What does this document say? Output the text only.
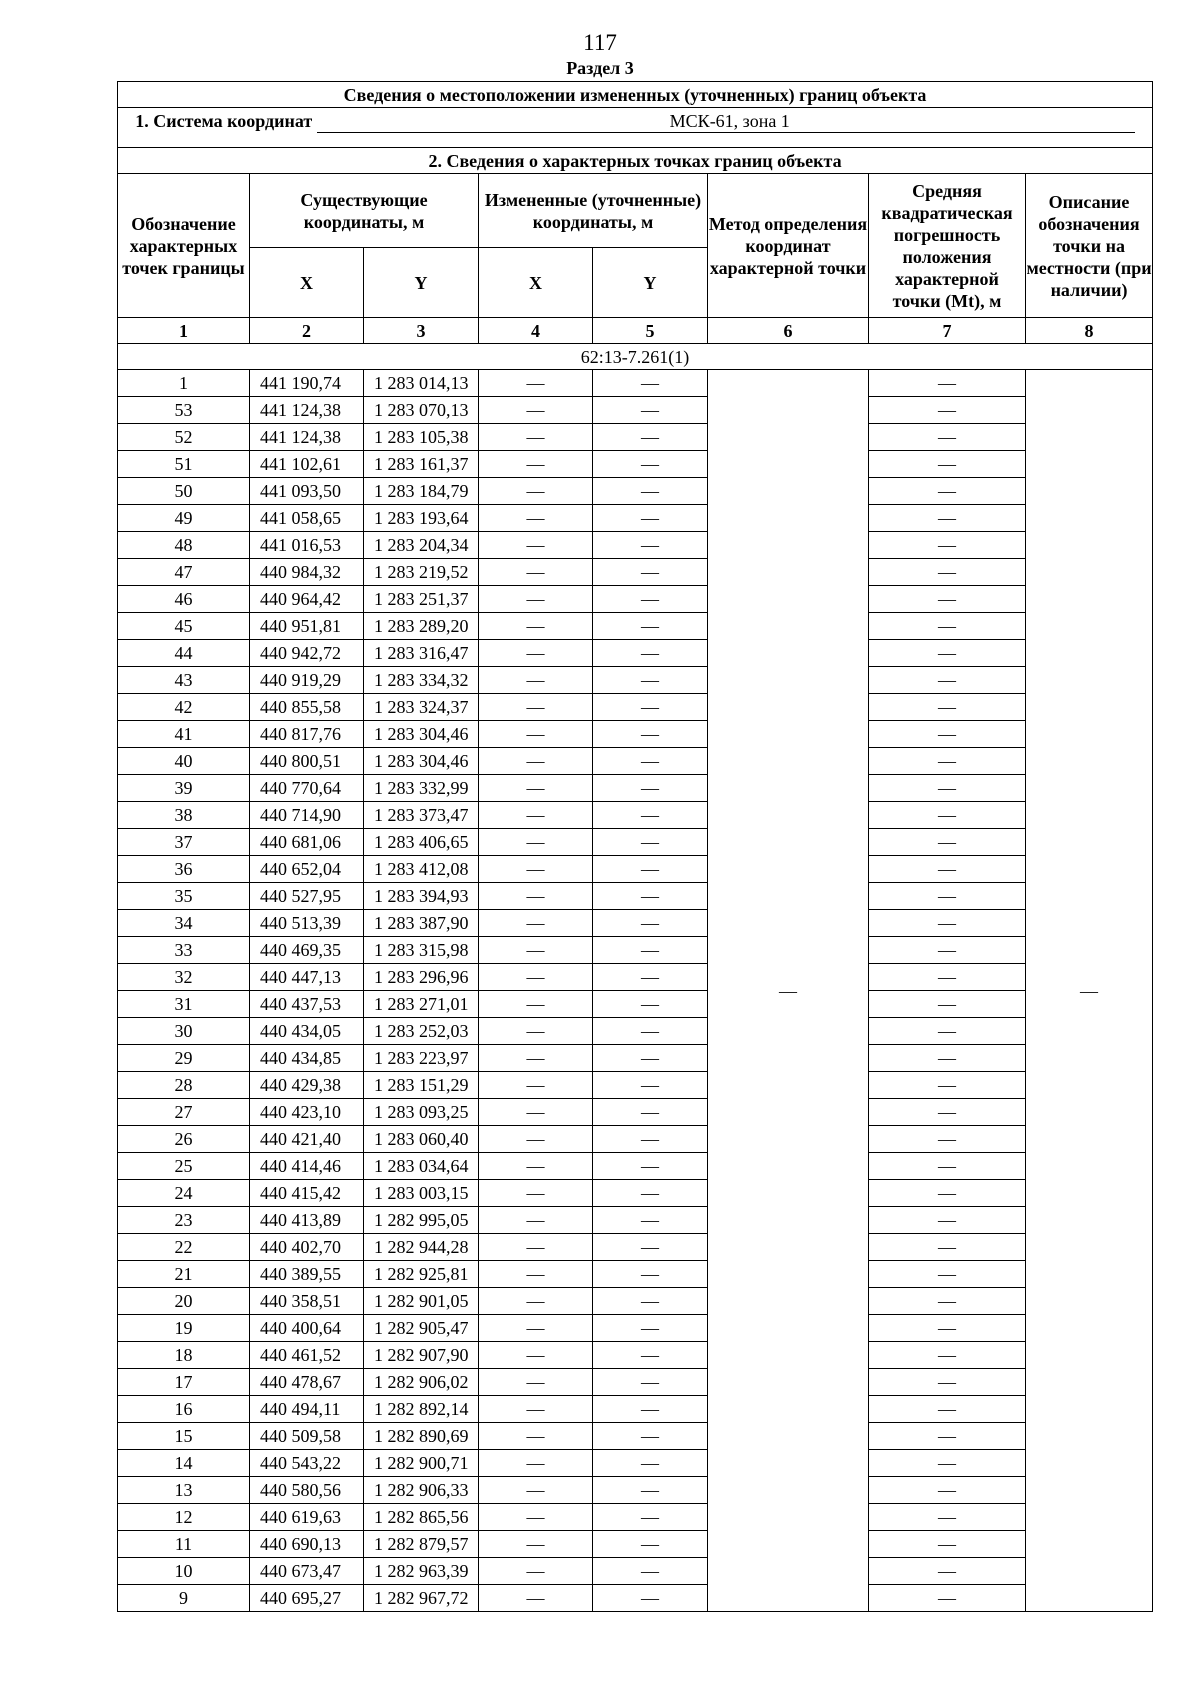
117
Раздел 3
Сведения о местоположении измененных (уточненных) границ объекта							
1. Система координат МСК-61, зона 1							
2. Сведения о характерных точках границ объекта							
Обозначение характерных точек границы	Существующие координаты, м		Измененные (уточненные) координаты, м		Метод определения координат характерной точки	Средняя квадратическая погрешность положения характерной точки (Mt), м	Описание обозначения точки на местности (при наличии)
	X	Y	X	Y			
1	2	3	4	5	6	7	8
62:13-7.261(1)							
1	441 190,74	1 283 014,13	—	—	—	—	—
53	441 124,38	1 283 070,13	—	—		—	
52	441 124,38	1 283 105,38	—	—		—	
51	441 102,61	1 283 161,37	—	—		—	
50	441 093,50	1 283 184,79	—	—		—	
49	441 058,65	1 283 193,64	—	—		—	
48	441 016,53	1 283 204,34	—	—		—	
47	440 984,32	1 283 219,52	—	—		—	
46	440 964,42	1 283 251,37	—	—		—	
45	440 951,81	1 283 289,20	—	—		—	
44	440 942,72	1 283 316,47	—	—		—	
43	440 919,29	1 283 334,32	—	—		—	
42	440 855,58	1 283 324,37	—	—		—	
41	440 817,76	1 283 304,46	—	—		—	
40	440 800,51	1 283 304,46	—	—		—	
39	440 770,64	1 283 332,99	—	—		—	
38	440 714,90	1 283 373,47	—	—		—	
37	440 681,06	1 283 406,65	—	—		—	
36	440 652,04	1 283 412,08	—	—		—	
35	440 527,95	1 283 394,93	—	—		—	
34	440 513,39	1 283 387,90	—	—		—	
33	440 469,35	1 283 315,98	—	—		—	
32	440 447,13	1 283 296,96	—	—		—	
31	440 437,53	1 283 271,01	—	—		—	
30	440 434,05	1 283 252,03	—	—		—	
29	440 434,85	1 283 223,97	—	—		—	
28	440 429,38	1 283 151,29	—	—		—	
27	440 423,10	1 283 093,25	—	—		—	
26	440 421,40	1 283 060,40	—	—		—	
25	440 414,46	1 283 034,64	—	—		—	
24	440 415,42	1 283 003,15	—	—		—	
23	440 413,89	1 282 995,05	—	—		—	
22	440 402,70	1 282 944,28	—	—		—	
21	440 389,55	1 282 925,81	—	—		—	
20	440 358,51	1 282 901,05	—	—		—	
19	440 400,64	1 282 905,47	—	—		—	
18	440 461,52	1 282 907,90	—	—		—	
17	440 478,67	1 282 906,02	—	—		—	
16	440 494,11	1 282 892,14	—	—		—	
15	440 509,58	1 282 890,69	—	—		—	
14	440 543,22	1 282 900,71	—	—		—	
13	440 580,56	1 282 906,33	—	—		—	
12	440 619,63	1 282 865,56	—	—		—	
11	440 690,13	1 282 879,57	—	—		—	
10	440 673,47	1 282 963,39	—	—		—	
9	440 695,27	1 282 967,72	—	—		—	
